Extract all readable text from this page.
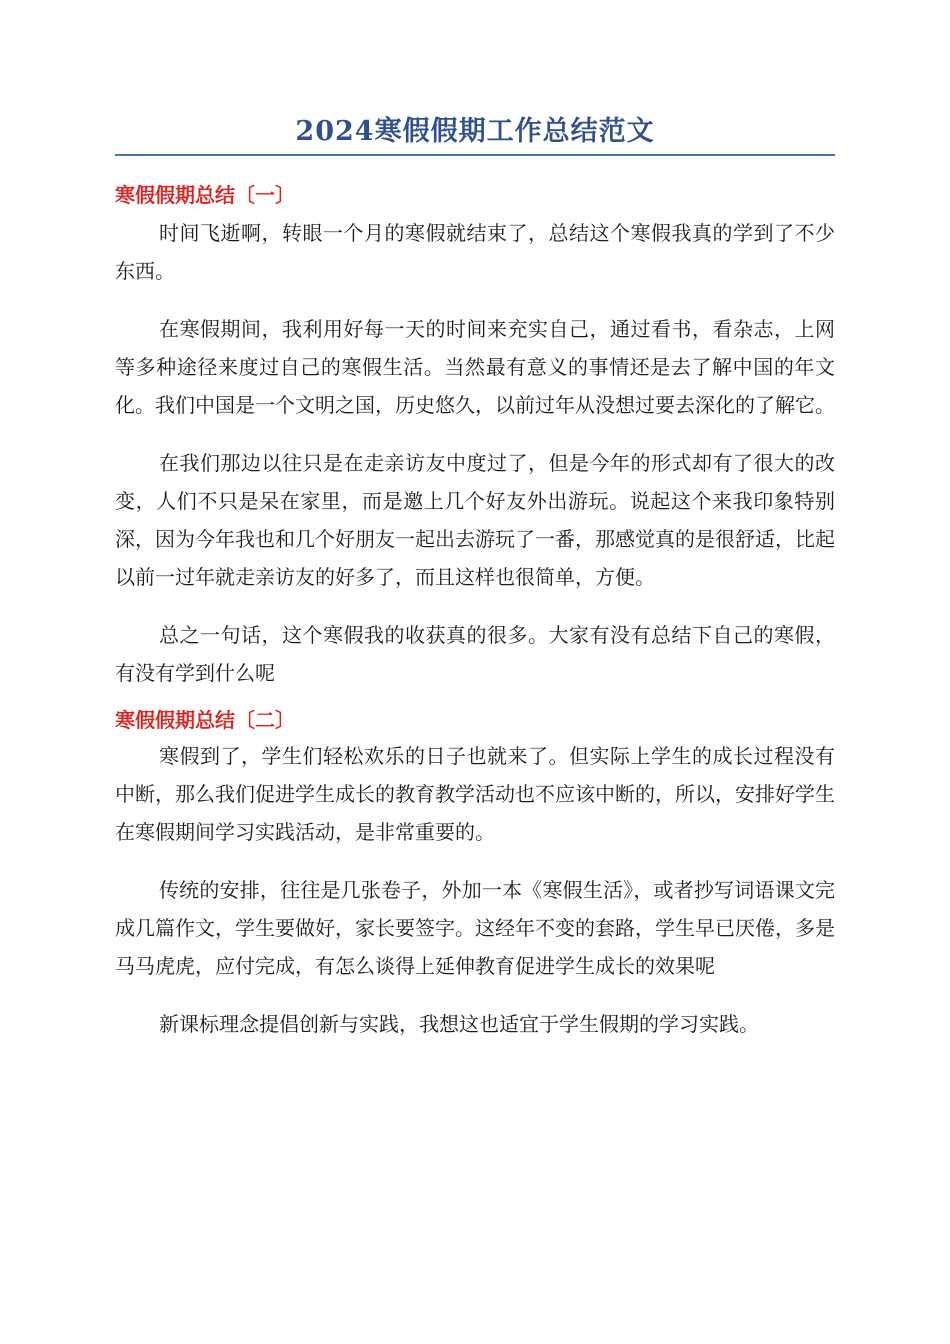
2024寒假假期工作总结范文
寒假假期总结〔一〕

时间飞逝啊，转眼一个月的寒假就结束了，总结这个寒假我真的学到了不少东西。

在寒假期间，我利用好每一天的时间来充实自己，通过看书，看杂志，上网等多种途径来度过自己的寒假生活。当然最有意义的事情还是去了解中国的年文化。我们中国是一个文明之国，历史悠久，以前过年从没想过要去深化的了解它。

在我们那边以往只是在走亲访友中度过了，但是今年的形式却有了很大的改变，人们不只是呆在家里，而是邀上几个好友外出游玩。说起这个来我印象特别深，因为今年我也和几个好朋友一起出去游玩了一番，那感觉真的是很舒适，比起以前一过年就走亲访友的好多了，而且这样也很简单，方便。

总之一句话，这个寒假我的收获真的很多。大家有没有总结下自己的寒假，有没有学到什么呢

寒假假期总结〔二〕

寒假到了，学生们轻松欢乐的日子也就来了。但实际上学生的成长过程没有中断，那么我们促进学生成长的教育教学活动也不应该中断的，所以，安排好学生在寒假期间学习实践活动，是非常重要的。

传统的安排，往往是几张卷子，外加一本《寒假生活》，或者抄写词语课文完成几篇作文，学生要做好，家长要签字。这经年不变的套路，学生早已厌倦，多是马马虎虎，应付完成，有怎么谈得上延伸教育促进学生成长的效果呢

新课标理念提倡创新与实践，我想这也适宜于学生假期的学习实践。
